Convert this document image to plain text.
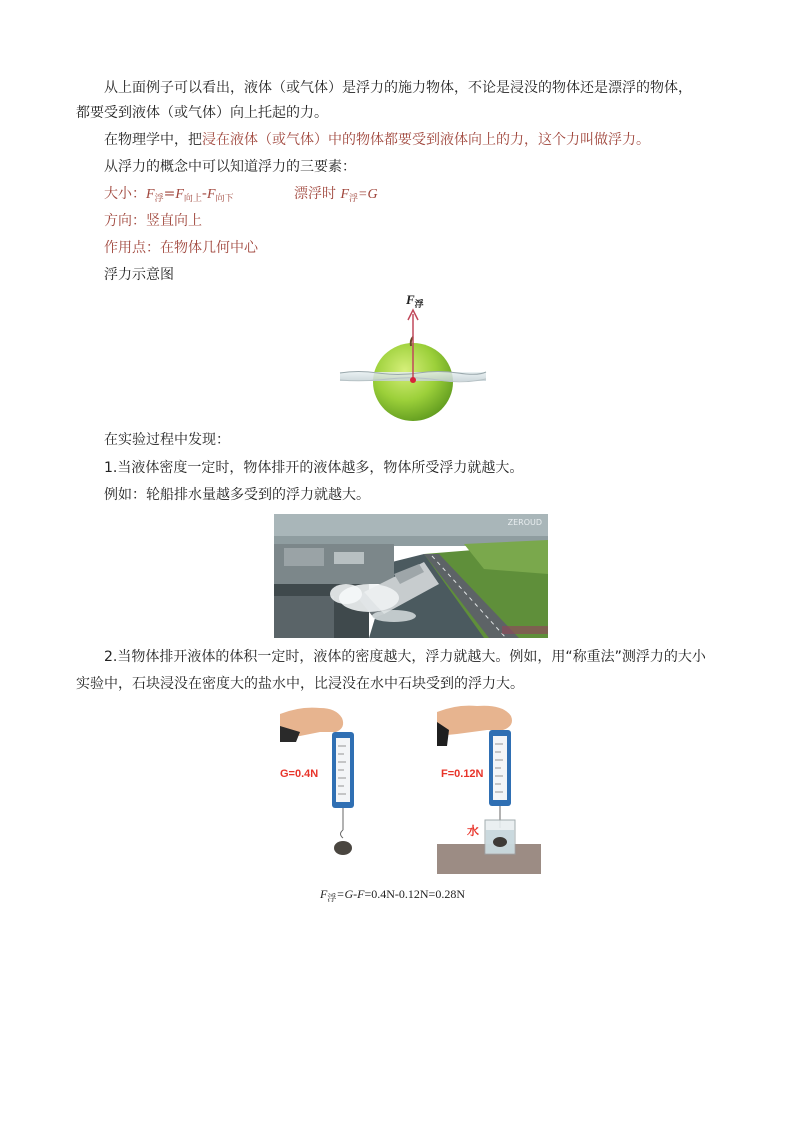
从上面例子可以看出，液体（或气体）是浮力的施力物体，不论是浸没的物体还是漂浮的物体，
都要受到液体（或气体）向上托起的力。
在物理学中，把浸在液体（或气体）中的物体都要受到液体向上的力，这个力叫做浮力。
从浮力的概念中可以知道浮力的三要素：
大小：$F_浮=F_{向上}-F_{向下}$	漂浮时 $F_浮=G$
方向：竖直向上
作用点：在物体几何中心
浮力示意图
$F_浮$
在实验过程中发现：
1.当液体密度一定时，物体排开的液体越多，物体所受浮力就越大。
例如：轮船排水量越多受到的浮力就越大。
ZEROUD
2.当物体排开液体的体积一定时，液体的密度越大，浮力就越大。例如，用“称重法”测浮力的大小
实验中，石块浸没在密度大的盐水中，比浸没在水中石块受到的浮力大。
G=0.4N	F=0.12N
水
$F_浮=G-F=0.4N-0.12N=0.28N$
